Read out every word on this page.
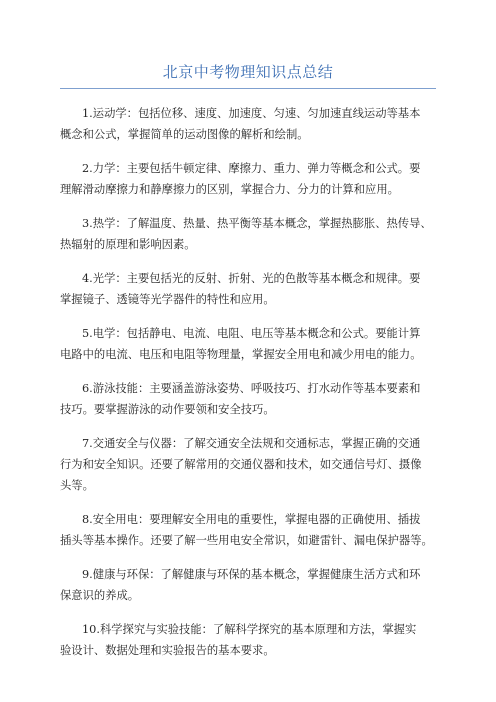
北京中考物理知识点总结
1.运动学：包括位移、速度、加速度、匀速、匀加速直线运动等基本
概念和公式，掌握简单的运动图像的解析和绘制。
2.力学：主要包括牛顿定律、摩擦力、重力、弹力等概念和公式。要
理解滑动摩擦力和静摩擦力的区别，掌握合力、分力的计算和应用。
3.热学：了解温度、热量、热平衡等基本概念，掌握热膨胀、热传导、
热辐射的原理和影响因素。
4.光学：主要包括光的反射、折射、光的色散等基本概念和规律。要
掌握镜子、透镜等光学器件的特性和应用。
5.电学：包括静电、电流、电阻、电压等基本概念和公式。要能计算
电路中的电流、电压和电阻等物理量，掌握安全用电和减少用电的能力。
6.游泳技能：主要涵盖游泳姿势、呼吸技巧、打水动作等基本要素和
技巧。要掌握游泳的动作要领和安全技巧。
7.交通安全与仪器：了解交通安全法规和交通标志，掌握正确的交通
行为和安全知识。还要了解常用的交通仪器和技术，如交通信号灯、摄像
头等。
8.安全用电：要理解安全用电的重要性，掌握电器的正确使用、插拔
插头等基本操作。还要了解一些用电安全常识，如避雷针、漏电保护器等。
9.健康与环保：了解健康与环保的基本概念，掌握健康生活方式和环
保意识的养成。
10.科学探究与实验技能：了解科学探究的基本原理和方法，掌握实
验设计、数据处理和实验报告的基本要求。
